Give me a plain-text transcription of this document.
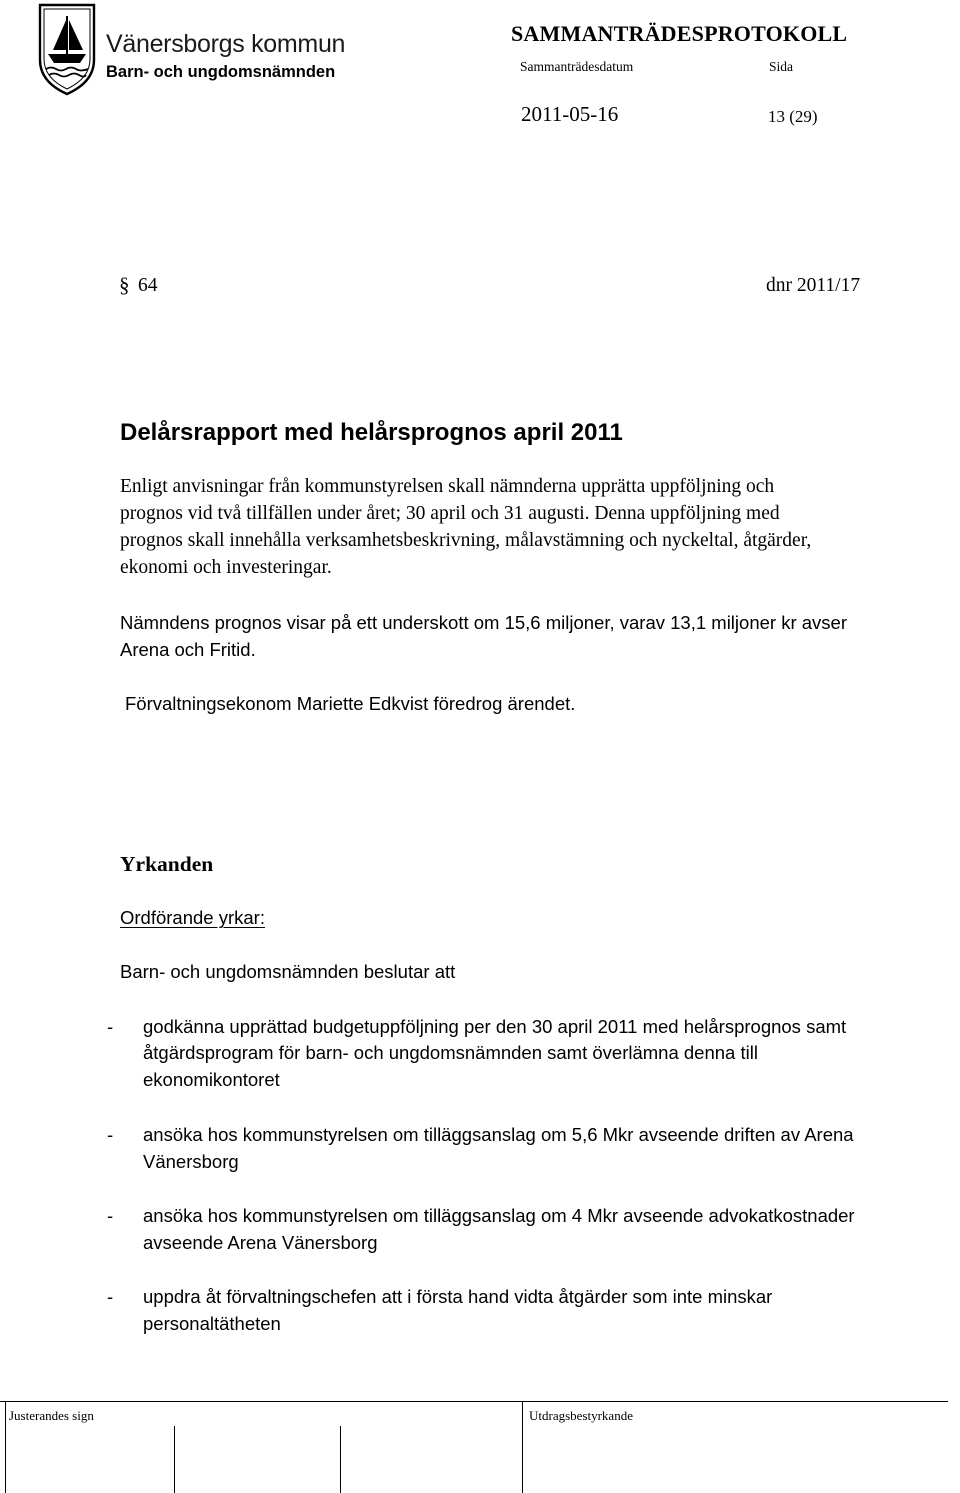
Vänersborgs kommun
Barn- och ungdomsnämnden
SAMMANTRÄDESPROTOKOLL
Sammanträdesdatum	Sida
2011-05-16	13 (29)
§ 64	dnr 2011/17
Delårsrapport med helårsprognos april 2011
Enligt anvisningar från kommunstyrelsen skall nämnderna upprätta uppföljning och
prognos vid två tillfällen under året; 30 april och 31 augusti. Denna uppföljning med
prognos skall innehålla verksamhetsbeskrivning, målavstämning och nyckeltal, åtgärder,
ekonomi och investeringar.
Nämndens prognos visar på ett underskott om 15,6 miljoner, varav 13,1 miljoner kr avser
Arena och Fritid.
Förvaltningsekonom Mariette Edkvist föredrog ärendet.
Yrkanden
Ordförande yrkar:
Barn- och ungdomsnämnden beslutar att
- godkänna upprättad budgetuppföljning per den 30 april 2011 med helårsprognos samt
åtgärdsprogram för barn- och ungdomsnämnden samt överlämna denna till
ekonomikontoret
- ansöka hos kommunstyrelsen om tilläggsanslag om 5,6 Mkr avseende driften av Arena
Vänersborg
- ansöka hos kommunstyrelsen om tilläggsanslag om 4 Mkr avseende advokatkostnader
avseende Arena Vänersborg
- uppdra åt förvaltningschefen att i första hand vidta åtgärder som inte minskar
personaltätheten
Justerandes sign	Utdragsbestyrkande
